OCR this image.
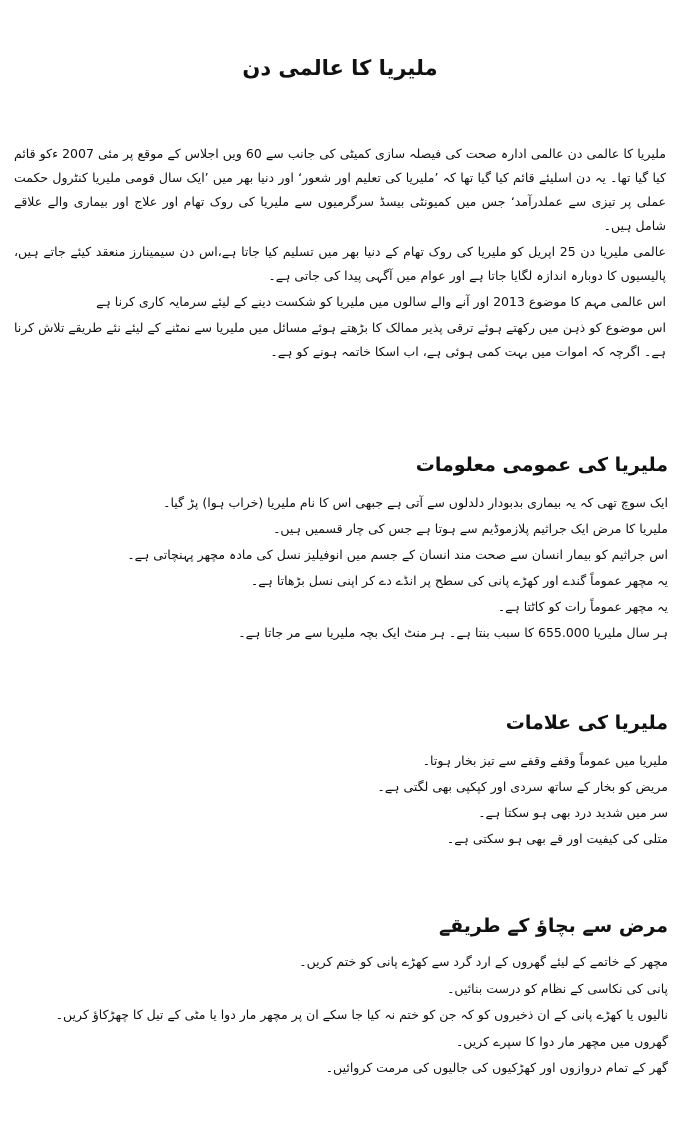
ملیریا کا عالمی دن

ملیریا کا عالمی دن عالمی ادارہ صحت کی فیصلہ سازی کمیٹی کی جانب سے 60 ویں اجلاس کے موقع پر مئی 2007 ءکو قائم کیا گیا تھا۔ یہ دن اسلیئے قائم کیا گیا تھا کہ ’ملیریا کی تعلیم اور شعور‘ اور دنیا بھر میں ’ایک سال قومی ملیریا کنٹرول حکمت عملی پر تیزی سے عملدرآمد‘ جس میں کمیونٹی بیسڈ سرگرمیوں سے ملیریا کی روک تھام اور علاج اور بیماری والے علاقے شامل ہیں۔

عالمی ملیریا دن 25 اپریل کو ملیریا کی روک تھام کے دنیا بھر میں تسلیم کیا جاتا ہے،اس دن سیمینارز منعقد کیئے جاتے ہیں، پالیسیوں کا دوبارہ اندازہ لگایا جاتا ہے اور عوام میں آگہی پیدا کی جاتی ہے۔

اس عالمی مہم کا موضوع 2013 اور آنے والے سالوں میں ملیریا کو شکست دینے کے لیئے سرمایہ کاری کرنا ہے

اس موضوع کو ذہن میں رکھتے ہوئے ترقی پذیر ممالک کا بڑھتے ہوئے مسائل میں ملیریا سے نمٹنے کے لیئے نئے طریقے تلاش کرنا ہے۔ اگرچہ کہ اموات میں بہت کمی ہوئی ہے، اب اسکا خاتمہ ہونے کو ہے۔

ملیریا کی عمومی معلومات
ایک سوچ تھی کہ یہ بیماری بدبودار دلدلوں سے آتی ہے جبھی اس کا نام ملیریا (خراب ہوا) پڑ گیا۔
ملیریا کا مرض ایک جراثیم پلازموڈیم سے ہوتا ہے جس کی چار قسمیں ہیں۔
اس جراثیم کو بیمار انسان سے صحت مند انسان کے جسم میں انوفیلیز نسل کی مادہ مچھر پہنچاتی ہے۔
یہ مچھر عموماً گندے اور کھڑے پانی کی سطح پر انڈے دے کر اپنی نسل بڑھاتا ہے۔
یہ مچھر عموماً رات کو کاٹتا ہے۔
ہر سال ملیریا 655.000 کا سبب بنتا ہے۔ ہر منٹ ایک بچہ ملیریا سے مر جاتا ہے۔
ملیریا کی علامات
ملیریا میں عموماً وقفے وقفے سے تیز بخار ہوتا۔
مریض کو بخار کے ساتھ سردی اور کپکپی بھی لگتی ہے۔
سر میں شدید درد بھی ہو سکتا ہے۔
متلی کی کیفیت اور قے بھی ہو سکتی ہے۔
مرض سے بچاؤ کے طریقے
مچھر کے خاتمے کے لیئے گھروں کے ارد گرد سے کھڑے پانی کو ختم کریں۔
پانی کی نکاسی کے نظام کو درست بنائیں۔
نالیوں یا کھڑے پانی کے ان ذخیروں کو کہ جن کو ختم نہ کیا جا سکے ان پر مچھر مار دوا یا مٹی کے تیل کا چھڑکاؤ کریں۔
گھروں میں مچھر مار دوا کا سپرے کریں۔
گھر کے تمام دروازوں اور کھڑکیوں کی جالیوں کی مرمت کروائیں۔
